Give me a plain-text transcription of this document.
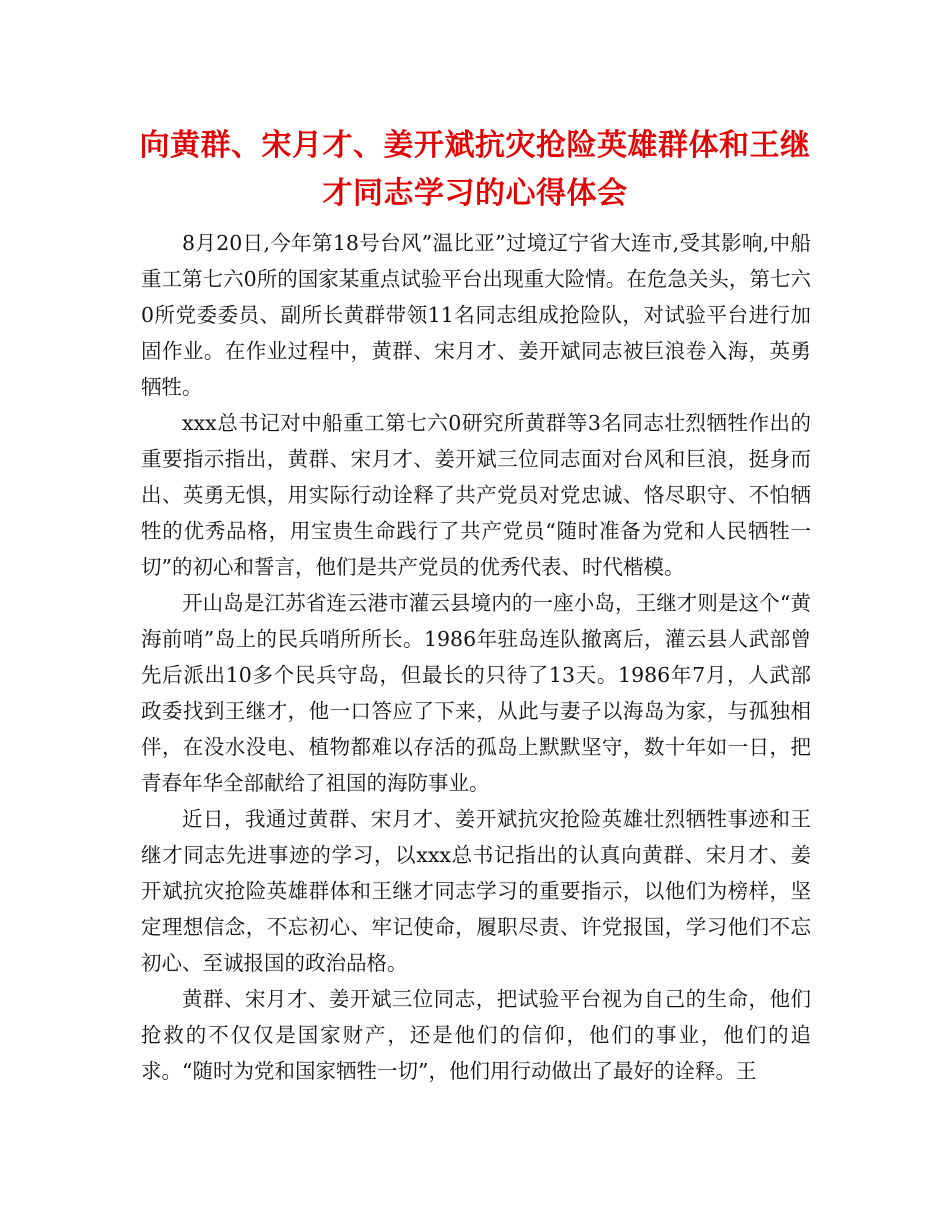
向黄群、宋月才、姜开斌抗灾抢险英雄群体和王继才同志学习的心得体会

8月20日,今年第18号台风”温比亚”过境辽宁省大连市,受其影响,中船重工第七六0所的国家某重点试验平台出现重大险情。在危急关头，第七六0所党委委员、副所长黄群带领11名同志组成抢险队，对试验平台进行加固作业。在作业过程中，黄群、宋月才、姜开斌同志被巨浪卷入海，英勇牺牲。

xxx总书记对中船重工第七六0研究所黄群等3名同志壮烈牺牲作出的重要指示指出，黄群、宋月才、姜开斌三位同志面对台风和巨浪，挺身而出、英勇无惧，用实际行动诠释了共产党员对党忠诚、恪尽职守、不怕牺牲的优秀品格，用宝贵生命践行了共产党员“随时准备为党和人民牺牲一切”的初心和誓言，他们是共产党员的优秀代表、时代楷模。

开山岛是江苏省连云港市灌云县境内的一座小岛，王继才则是这个“黄海前哨”岛上的民兵哨所所长。1986年驻岛连队撤离后，灌云县人武部曾先后派出10多个民兵守岛，但最长的只待了13天。1986年7月，人武部政委找到王继才，他一口答应了下来，从此与妻子以海岛为家，与孤独相伴，在没水没电、植物都难以存活的孤岛上默默坚守，数十年如一日，把青春年华全部献给了祖国的海防事业。

近日，我通过黄群、宋月才、姜开斌抗灾抢险英雄壮烈牺牲事迹和王继才同志先进事迹的学习，以xxx总书记指出的认真向黄群、宋月才、姜开斌抗灾抢险英雄群体和王继才同志学习的重要指示，以他们为榜样，坚定理想信念，不忘初心、牢记使命，履职尽责、许党报国，学习他们不忘初心、至诚报国的政治品格。

黄群、宋月才、姜开斌三位同志，把试验平台视为自己的生命，他们抢救的不仅仅是国家财产，还是他们的信仰，他们的事业，他们的追求。“随时为党和国家牺牲一切”，他们用行动做出了最好的诠释。王
